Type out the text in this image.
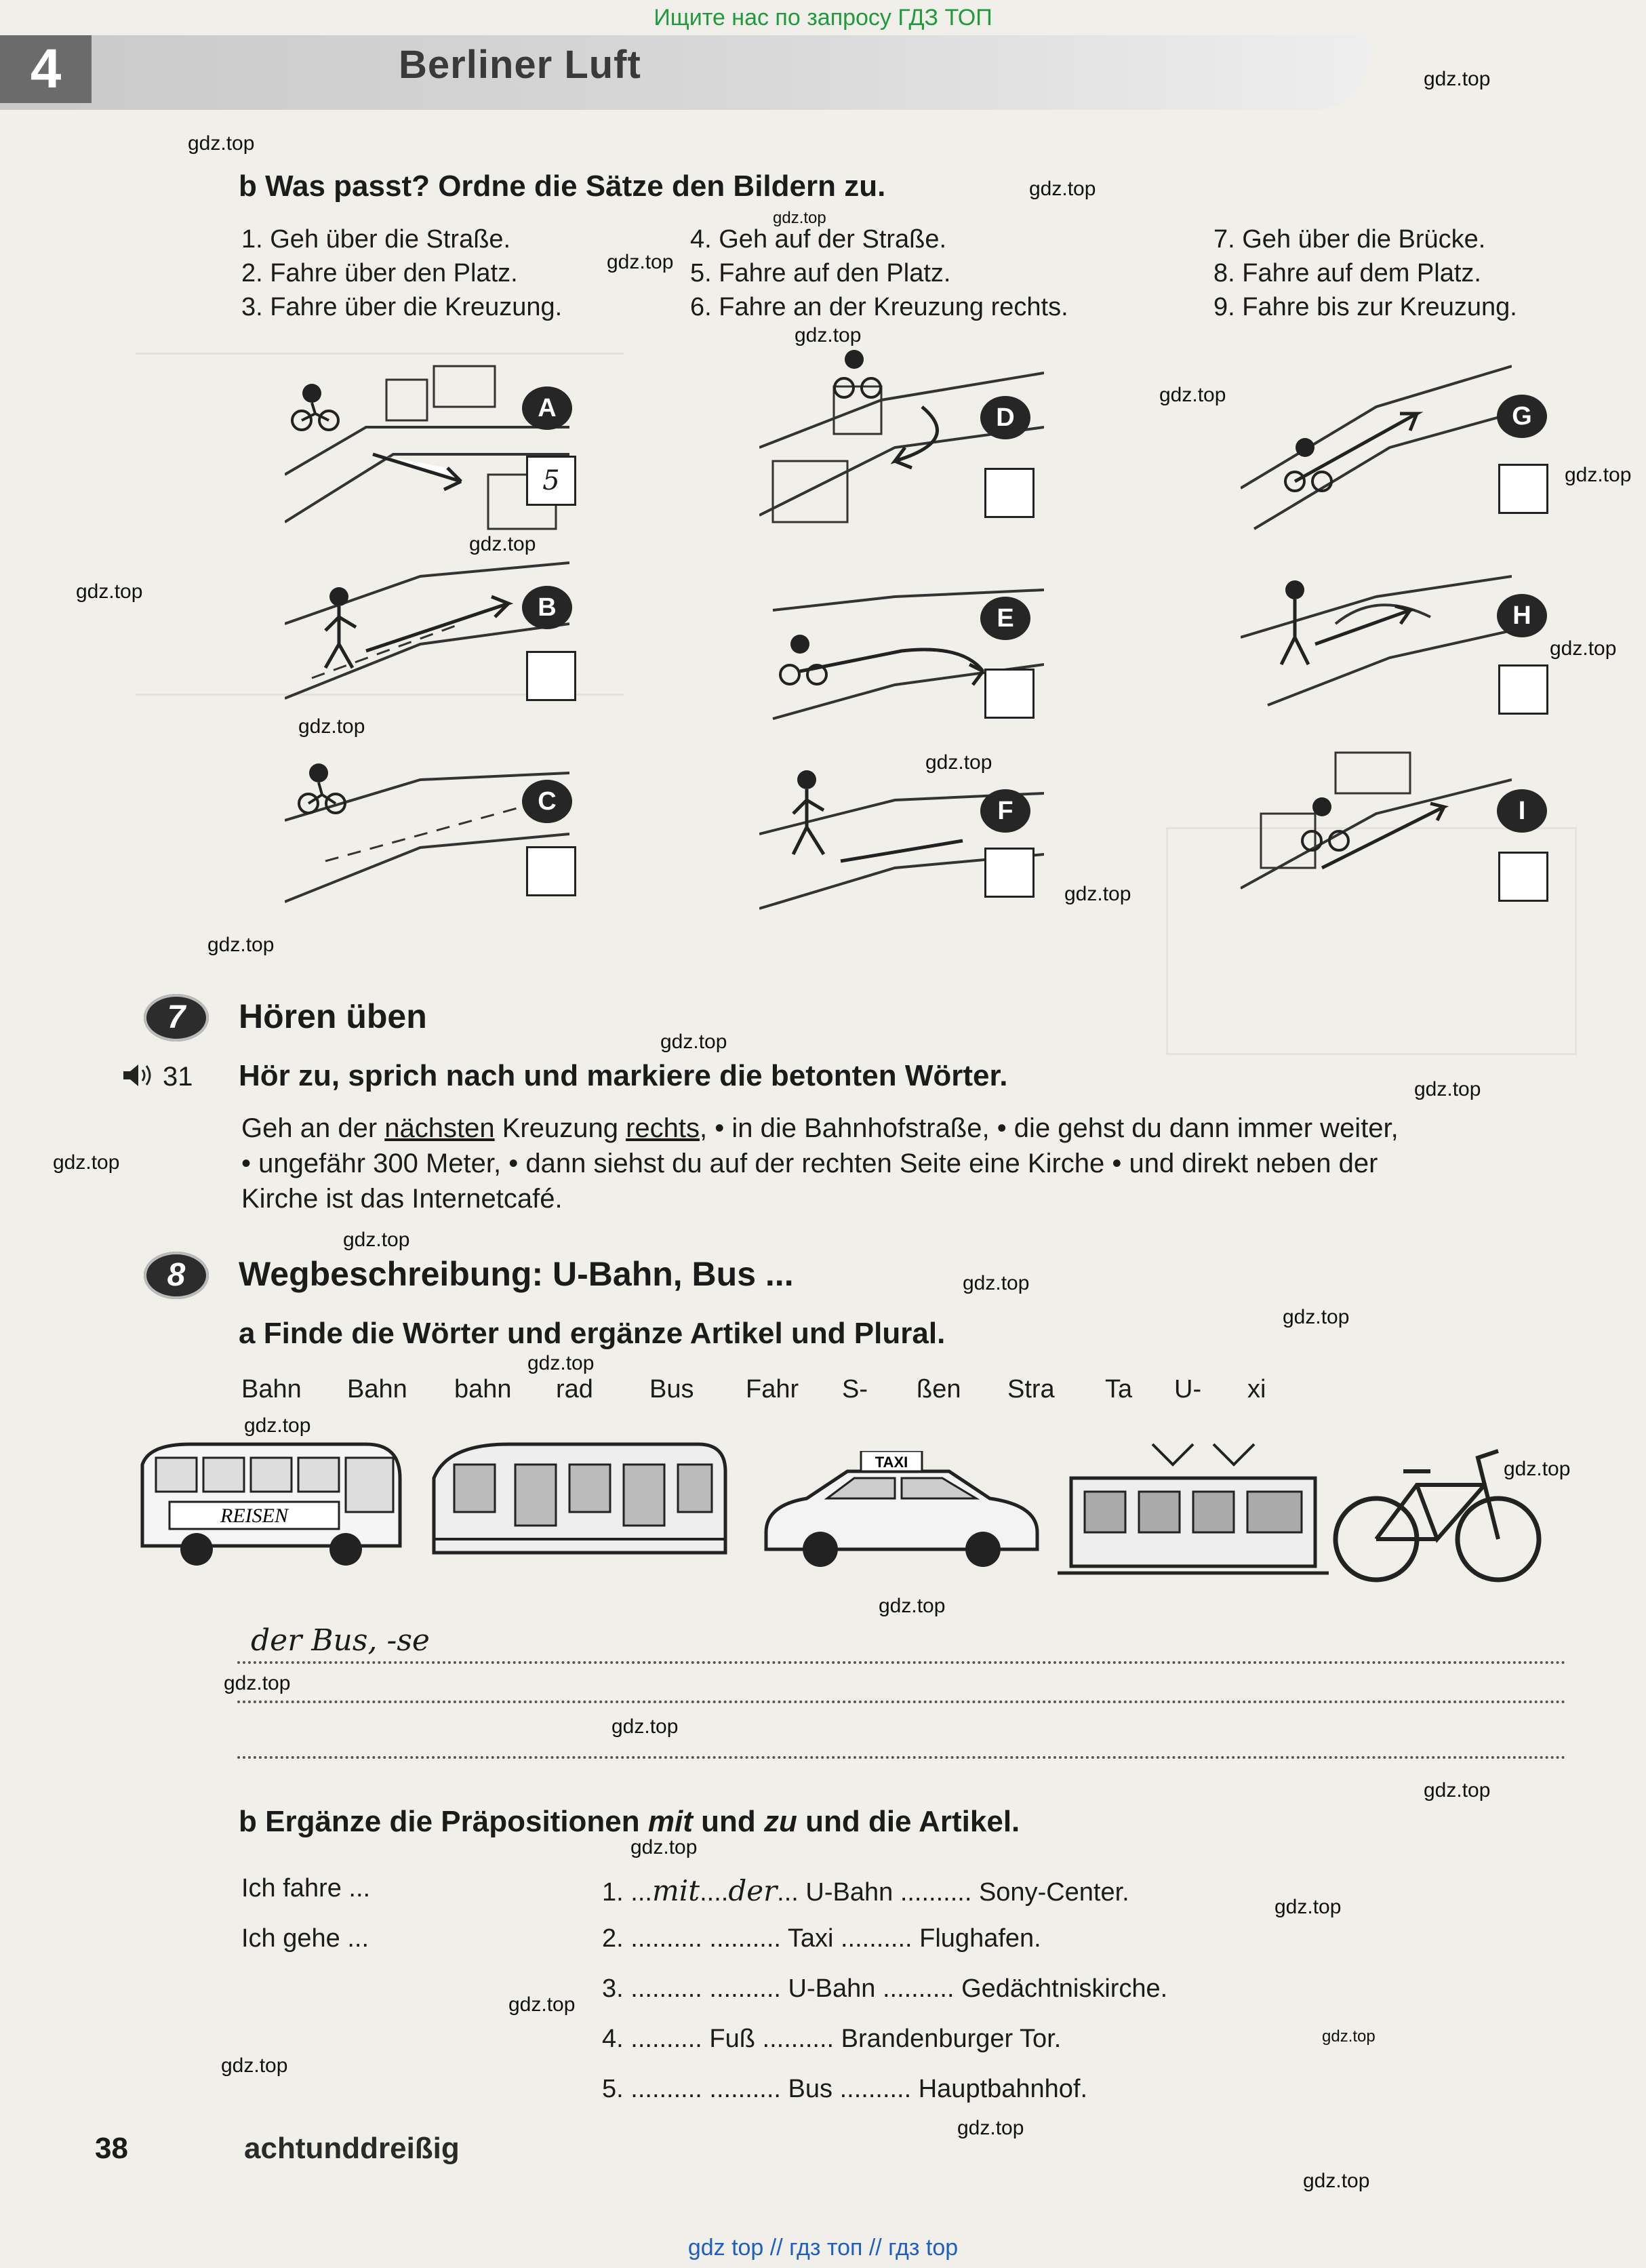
Ищите нас по запросу ГДЗ ТОП
gdz top // гдз топ // гдз top
4	Berliner Luft
gdz.top
gdz.top
gdz.top
gdz.top
gdz.top
gdz.top
gdz.top
gdz.top
gdz.top
gdz.top
gdz.top
gdz.top
gdz.top
gdz.top
gdz.top
gdz.top
gdz.top
gdz.top
gdz.top
gdz.top
gdz.top
gdz.top
gdz.top
gdz.top
gdz.top
gdz.top
gdz.top
gdz.top
gdz.top
gdz.top
gdz.top
gdz.top
gdz.top
gdz.top
gdz.top
b Was passt? Ordne die Sätze den Bildern zu.
1. Geh über die Straße.
2. Fahre über den Platz.
3. Fahre über die Kreuzung.
4. Geh auf der Straße.
5. Fahre auf den Platz.
6. Fahre an der Kreuzung rechts.
7. Geh über die Brücke.
8. Fahre auf dem Platz.
9. Fahre bis zur Kreuzung.
A
5
B
C
D
E
F
G
H
I
7	Hören üben
31 Hör zu, sprich nach und markiere die betonten Wörter.
Geh an der nächsten Kreuzung rechts, • in die Bahnhofstraße, • die gehst du dann immer weiter,
• ungefähr 300 Meter, • dann siehst du auf der rechten Seite eine Kirche • und direkt neben der
Kirche ist das Internetcafé.
8	Wegbeschreibung: U-Bahn, Bus ...
a Finde die Wörter und ergänze Artikel und Plural.
Bahn Bahn bahn rad Bus Fahr S- ßen Stra Ta U- xi
REISEN
TAXI
der Bus, -se
b Ergänze die Präpositionen mit und zu und die Artikel.
Ich fahre ...
Ich gehe ...
1. ...mit....der... U-Bahn .......... Sony-Center.
2. .......... .......... Taxi .......... Flughafen.
3. .......... .......... U-Bahn .......... Gedächtniskirche.
4. .......... Fuß .......... Brandenburger Tor.
5. .......... .......... Bus .......... Hauptbahnhof.
38	achtunddreißig
